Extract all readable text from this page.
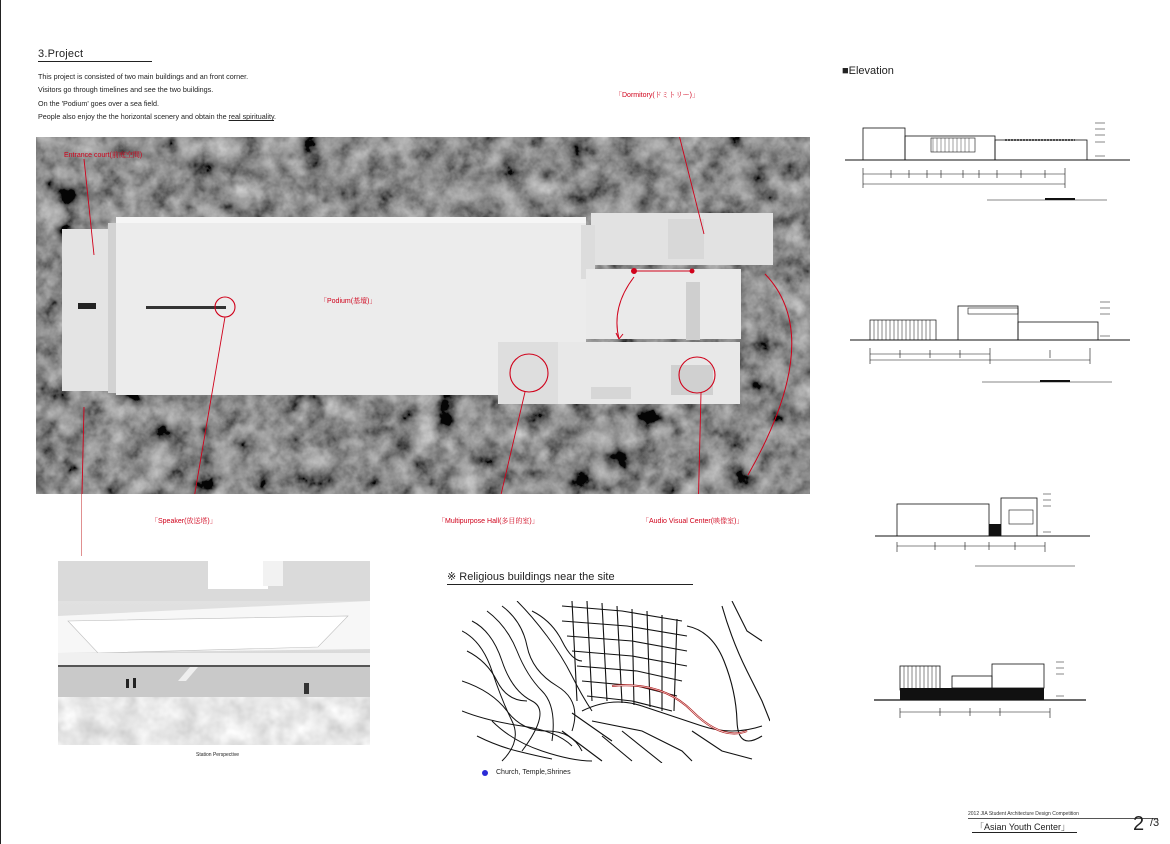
3.Project
This project is consisted of two main buildings and an front corner.
Visitors go through timelines and see the two buildings.
On the 'Podium' goes over a sea field.
People also enjoy the the horizontal scenery and obtain the real spirituality.
Entrance court(前庭空間)
「Dormitory(ドミトリー)」
「Podium(基壇)」
「Speaker(放送塔)」	「Multipurpose Hall(多目的室)」	「Audio Visual Center(映像室)」
■Elevation
Station Perspective
※ Religious buildings near the site
Church, Temple,Shrines
2012 JIA Student Architecture Design Competition
「Asian Youth Center」	2 /3
